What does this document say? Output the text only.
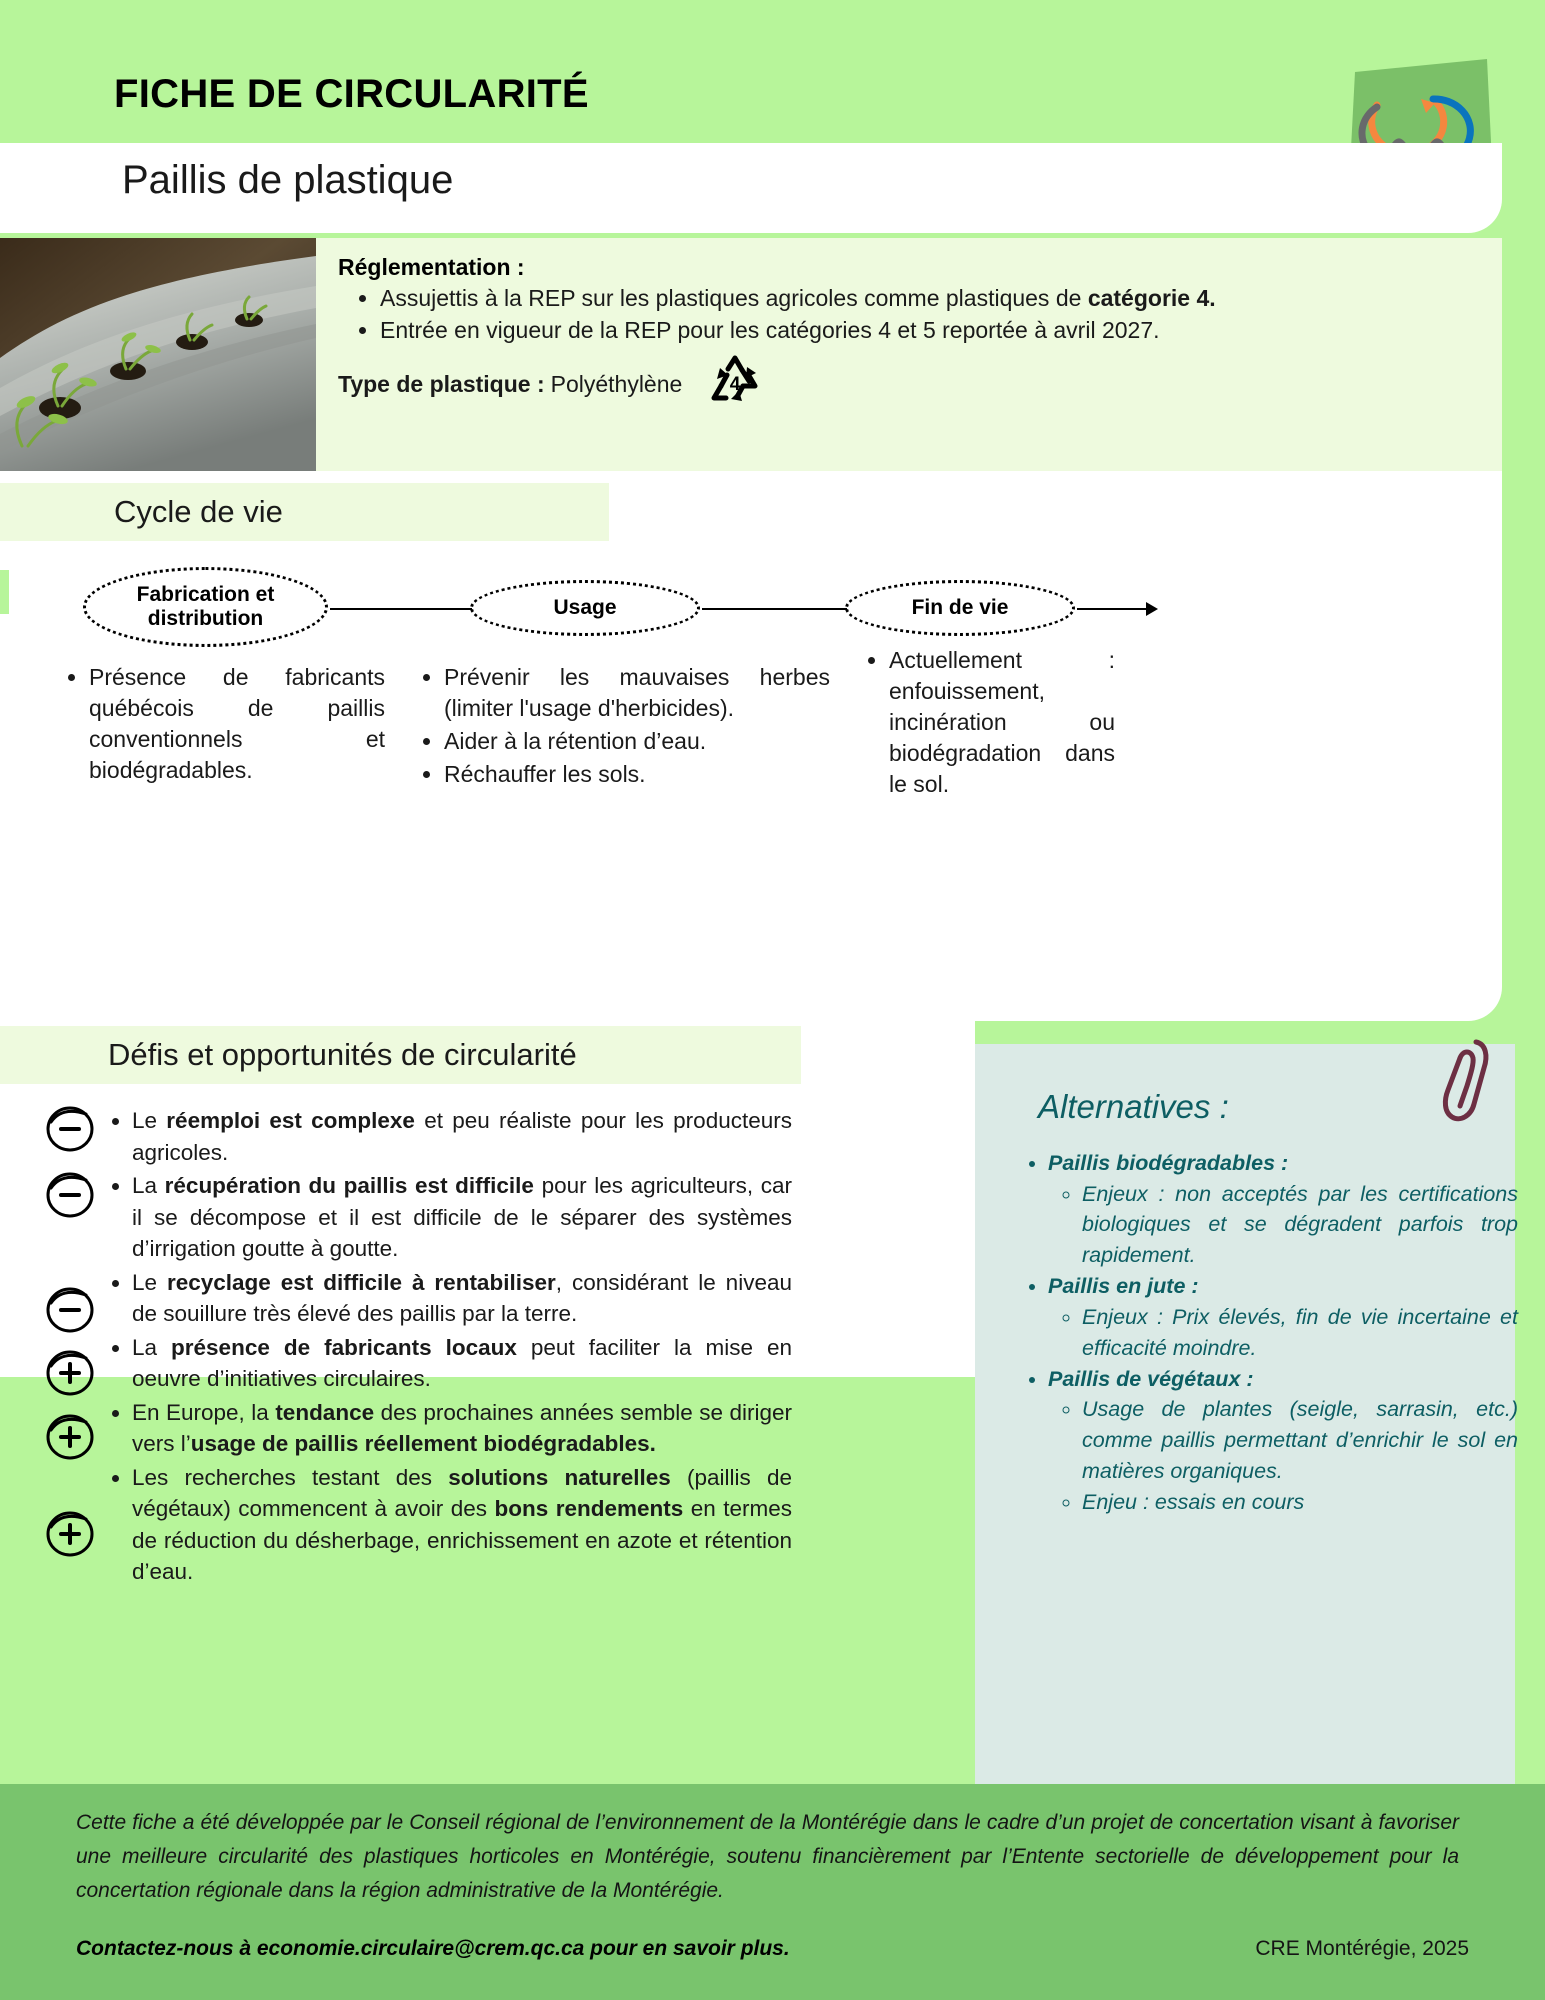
FICHE DE CIRCULARITÉ
Paillis de plastique
Réglementation :
• Assujettis à la REP sur les plastiques agricoles comme plastiques de catégorie 4.
• Entrée en vigueur de la REP pour les catégories 4 et 5 reportée à avril 2027.
Type de plastique : Polyéthylène	4
Cycle de vie
Fabrication et distribution	Usage	Fin de vie
• Présence de fabricants québécois de paillis conventionnels et biodégradables.
• Prévenir les mauvaises herbes (limiter l'usage d'herbicides).
• Aider à la rétention d’eau.
• Réchauffer les sols.
• Actuellement : enfouissement, incinération ou biodégradation dans le sol.
Défis et opportunités de circularité
• Le réemploi est complexe et peu réaliste pour les producteurs agricoles.
• La récupération du paillis est difficile pour les agriculteurs, car il se décompose et il est difficile de le séparer des systèmes d’irrigation goutte à goutte.
• Le recyclage est difficile à rentabiliser, considérant le niveau de souillure très élevé des paillis par la terre.
• La présence de fabricants locaux peut faciliter la mise en oeuvre d’initiatives circulaires.
• En Europe, la tendance des prochaines années semble se diriger vers l’usage de paillis réellement biodégradables.
• Les recherches testant des solutions naturelles (paillis de végétaux) commencent à avoir des bons rendements en termes de réduction du désherbage, enrichissement en azote et rétention d’eau.
Alternatives :
• Paillis biodégradables :
◦ Enjeux : non acceptés par les certifications biologiques et se dégradent parfois trop rapidement.
• Paillis en jute :
◦ Enjeux : Prix élevés, fin de vie incertaine et efficacité moindre.
• Paillis de végétaux :
◦ Usage de plantes (seigle, sarrasin, etc.) comme paillis permettant d’enrichir le sol en matières organiques.
◦ Enjeu : essais en cours
Cette fiche a été développée par le Conseil régional de l’environnement de la Montérégie dans le cadre d’un projet de concertation visant à favoriser une meilleure circularité des plastiques horticoles en Montérégie, soutenu financièrement par l’Entente sectorielle de développement pour la concertation régionale dans la région administrative de la Montérégie.
Contactez-nous à economie.circulaire@crem.qc.ca pour en savoir plus.	CRE Montérégie, 2025
